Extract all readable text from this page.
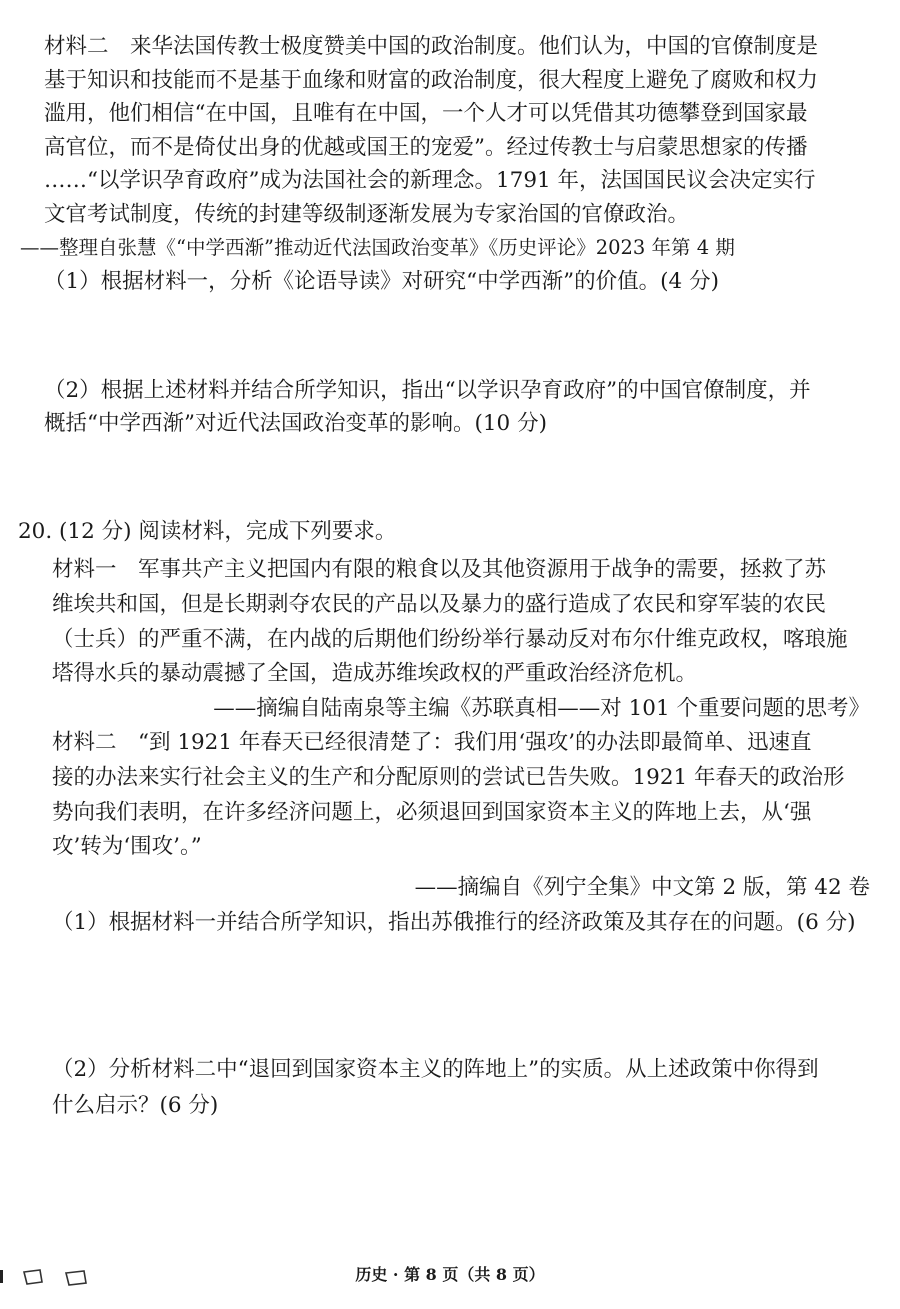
材料二　来华法国传教士极度赞美中国的政治制度。他们认为，中国的官僚制度是
基于知识和技能而不是基于血缘和财富的政治制度，很大程度上避免了腐败和权力
滥用，他们相信“在中国，且唯有在中国，一个人才可以凭借其功德攀登到国家最
高官位，而不是倚仗出身的优越或国王的宠爱”。经过传教士与启蒙思想家的传播
……“以学识孕育政府”成为法国社会的新理念。1791 年，法国国民议会决定实行
文官考试制度，传统的封建等级制逐渐发展为专家治国的官僚政治。
——整理自张慧《“中学西渐”推动近代法国政治变革》《历史评论》2023 年第 4 期
（1）根据材料一，分析《论语导读》对研究“中学西渐”的价值。(4 分)
（2）根据上述材料并结合所学知识，指出“以学识孕育政府”的中国官僚制度，并
概括“中学西渐”对近代法国政治变革的影响。(10 分)
20. (12 分) 阅读材料，完成下列要求。
材料一　军事共产主义把国内有限的粮食以及其他资源用于战争的需要，拯救了苏
维埃共和国，但是长期剥夺农民的产品以及暴力的盛行造成了农民和穿军装的农民
（士兵）的严重不满，在内战的后期他们纷纷举行暴动反对布尔什维克政权，喀琅施
塔得水兵的暴动震撼了全国，造成苏维埃政权的严重政治经济危机。
——摘编自陆南泉等主编《苏联真相——对 101 个重要问题的思考》
材料二　“到 1921 年春天已经很清楚了：我们用‘强攻’的办法即最简单、迅速直
接的办法来实行社会主义的生产和分配原则的尝试已告失败。1921 年春天的政治形
势向我们表明，在许多经济问题上，必须退回到国家资本主义的阵地上去，从‘强
攻’转为‘围攻’。”
——摘编自《列宁全集》中文第 2 版，第 42 卷
（1）根据材料一并结合所学知识，指出苏俄推行的经济政策及其存在的问题。(6 分)
（2）分析材料二中“退回到国家资本主义的阵地上”的实质。从上述政策中你得到
什么启示？(6 分)
历史 · 第 8 页（共 8 页）
